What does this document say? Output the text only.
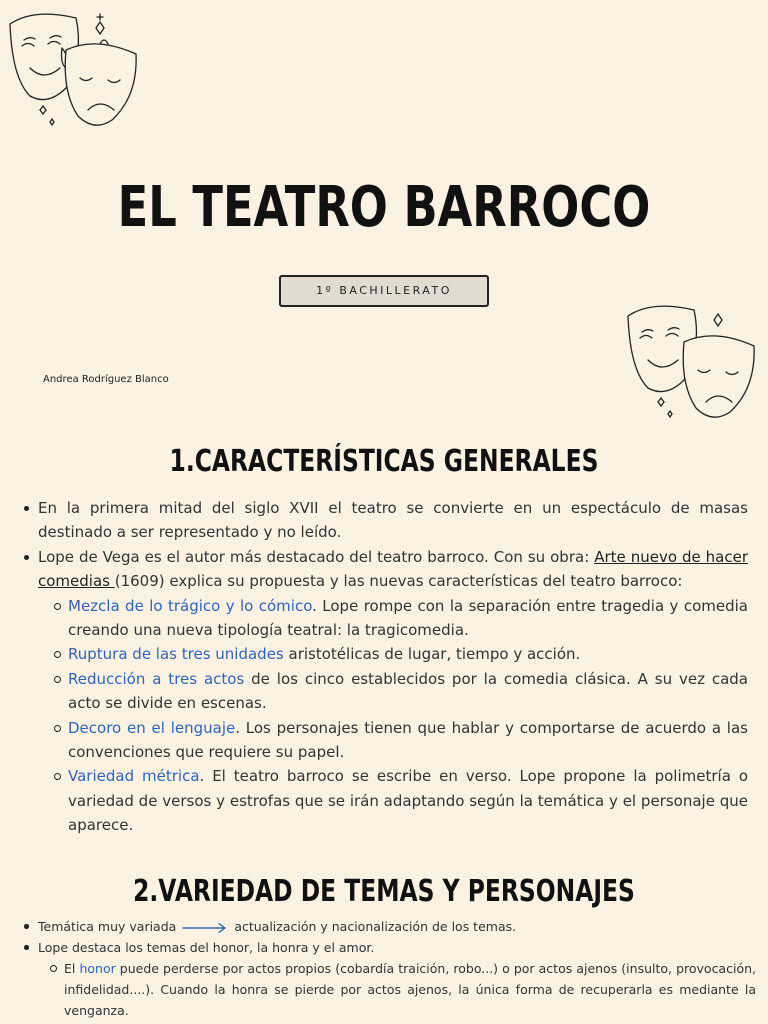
EL TEATRO BARROCO
1º BACHILLERATO
Andrea Rodríguez Blanco
1.CARACTERÍSTICAS GENERALES
En la primera mitad del siglo XVII el teatro se convierte en un espectáculo de masas destinado a ser representado y no leído.
Lope de Vega es el autor más destacado del teatro barroco. Con su obra: Arte nuevo de hacer comedias (1609) explica su propuesta y las nuevas características del teatro barroco:
Mezcla de lo trágico y lo cómico. Lope rompe con la separación entre tragedia y comedia creando una nueva tipología teatral: la tragicomedia.
Ruptura de las tres unidades aristotélicas de lugar, tiempo y acción.
Reducción a tres actos de los cinco establecidos por la comedia clásica. A su vez cada acto se divide en escenas.
Decoro en el lenguaje. Los personajes tienen que hablar y comportarse de acuerdo a las convenciones que requiere su papel.
Variedad métrica. El teatro barroco se escribe en verso. Lope propone la polimetría o variedad de versos y estrofas que se irán adaptando según la temática y el personaje que aparece.
2.VARIEDAD DE TEMAS Y PERSONAJES
Temática muy variada	actualización y nacionalización de los temas.
Lope destaca los temas del honor, la honra y el amor.
El honor puede perderse por actos propios (cobardía traición, robo...) o por actos ajenos (insulto, provocación, infidelidad....). Cuando la honra se pierde por actos ajenos, la única forma de recuperarla es mediante la venganza.
